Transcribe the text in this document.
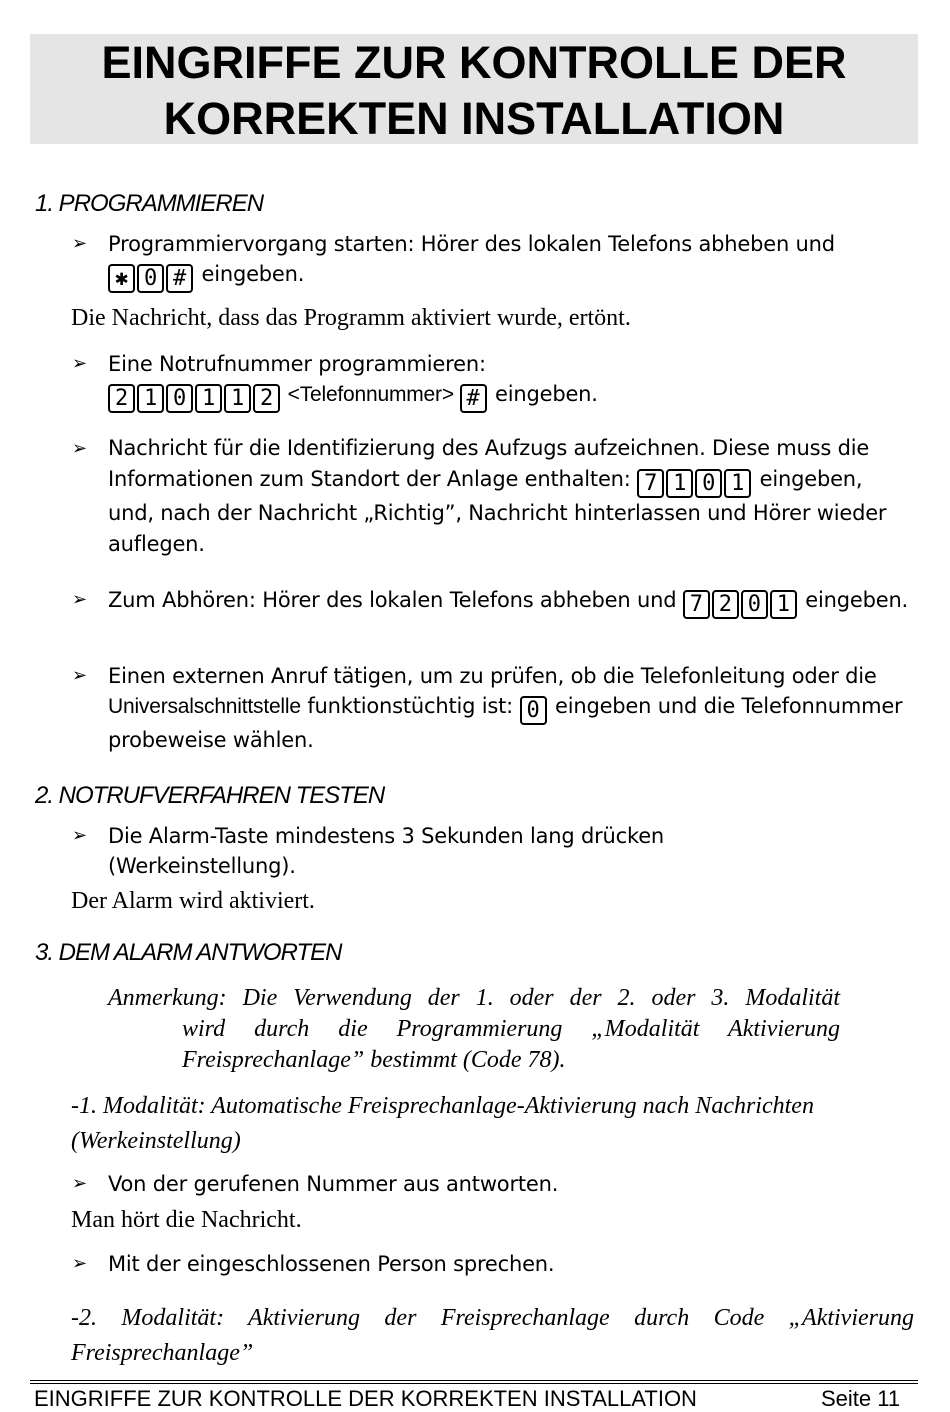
EINGRIFFE ZUR KONTROLLE DER
KORREKTEN INSTALLATION
1. PROGRAMMIEREN
➢ Programmiervorgang starten: Hörer des lokalen Telefons abheben und
✱ 0 # eingeben.
Die Nachricht, dass das Programm aktiviert wurde, ertönt.
➢ Eine Notrufnummer programmieren:
2 1 0 1 1 2 <Telefonnummer> # eingeben.
➢ Nachricht für die Identifizierung des Aufzugs aufzeichnen. Diese muss die Informationen zum Standort der Anlage enthalten: 7 1 0 1 eingeben, und, nach der Nachricht „Richtig”, Nachricht hinterlassen und Hörer wieder auflegen.
➢ Zum Abhören: Hörer des lokalen Telefons abheben und 7 2 0 1 eingeben.
➢ Einen externen Anruf tätigen, um zu prüfen, ob die Telefonleitung oder die Universalschnittstelle funktionstüchtig ist: 0 eingeben und die Telefonnummer probeweise wählen.
2. NOTRUFVERFAHREN TESTEN
➢ Die Alarm-Taste mindestens 3 Sekunden lang drücken (Werkeinstellung).
Der Alarm wird aktiviert.
3. DEM ALARM ANTWORTEN
Anmerkung: Die Verwendung der 1. oder der 2. oder 3. Modalität
wird durch die Programmierung „Modalität Aktivierung
Freisprechanlage” bestimmt (Code 78).
-1. Modalität: Automatische Freisprechanlage-Aktivierung nach Nachrichten (Werkeinstellung)
➢ Von der gerufenen Nummer aus antworten.
Man hört die Nachricht.
➢ Mit der eingeschlossenen Person sprechen.
-2. Modalität: Aktivierung der Freisprechanlage durch Code „Aktivierung Freisprechanlage”
EINGRIFFE ZUR KONTROLLE DER KORREKTEN INSTALLATION	Seite 11
